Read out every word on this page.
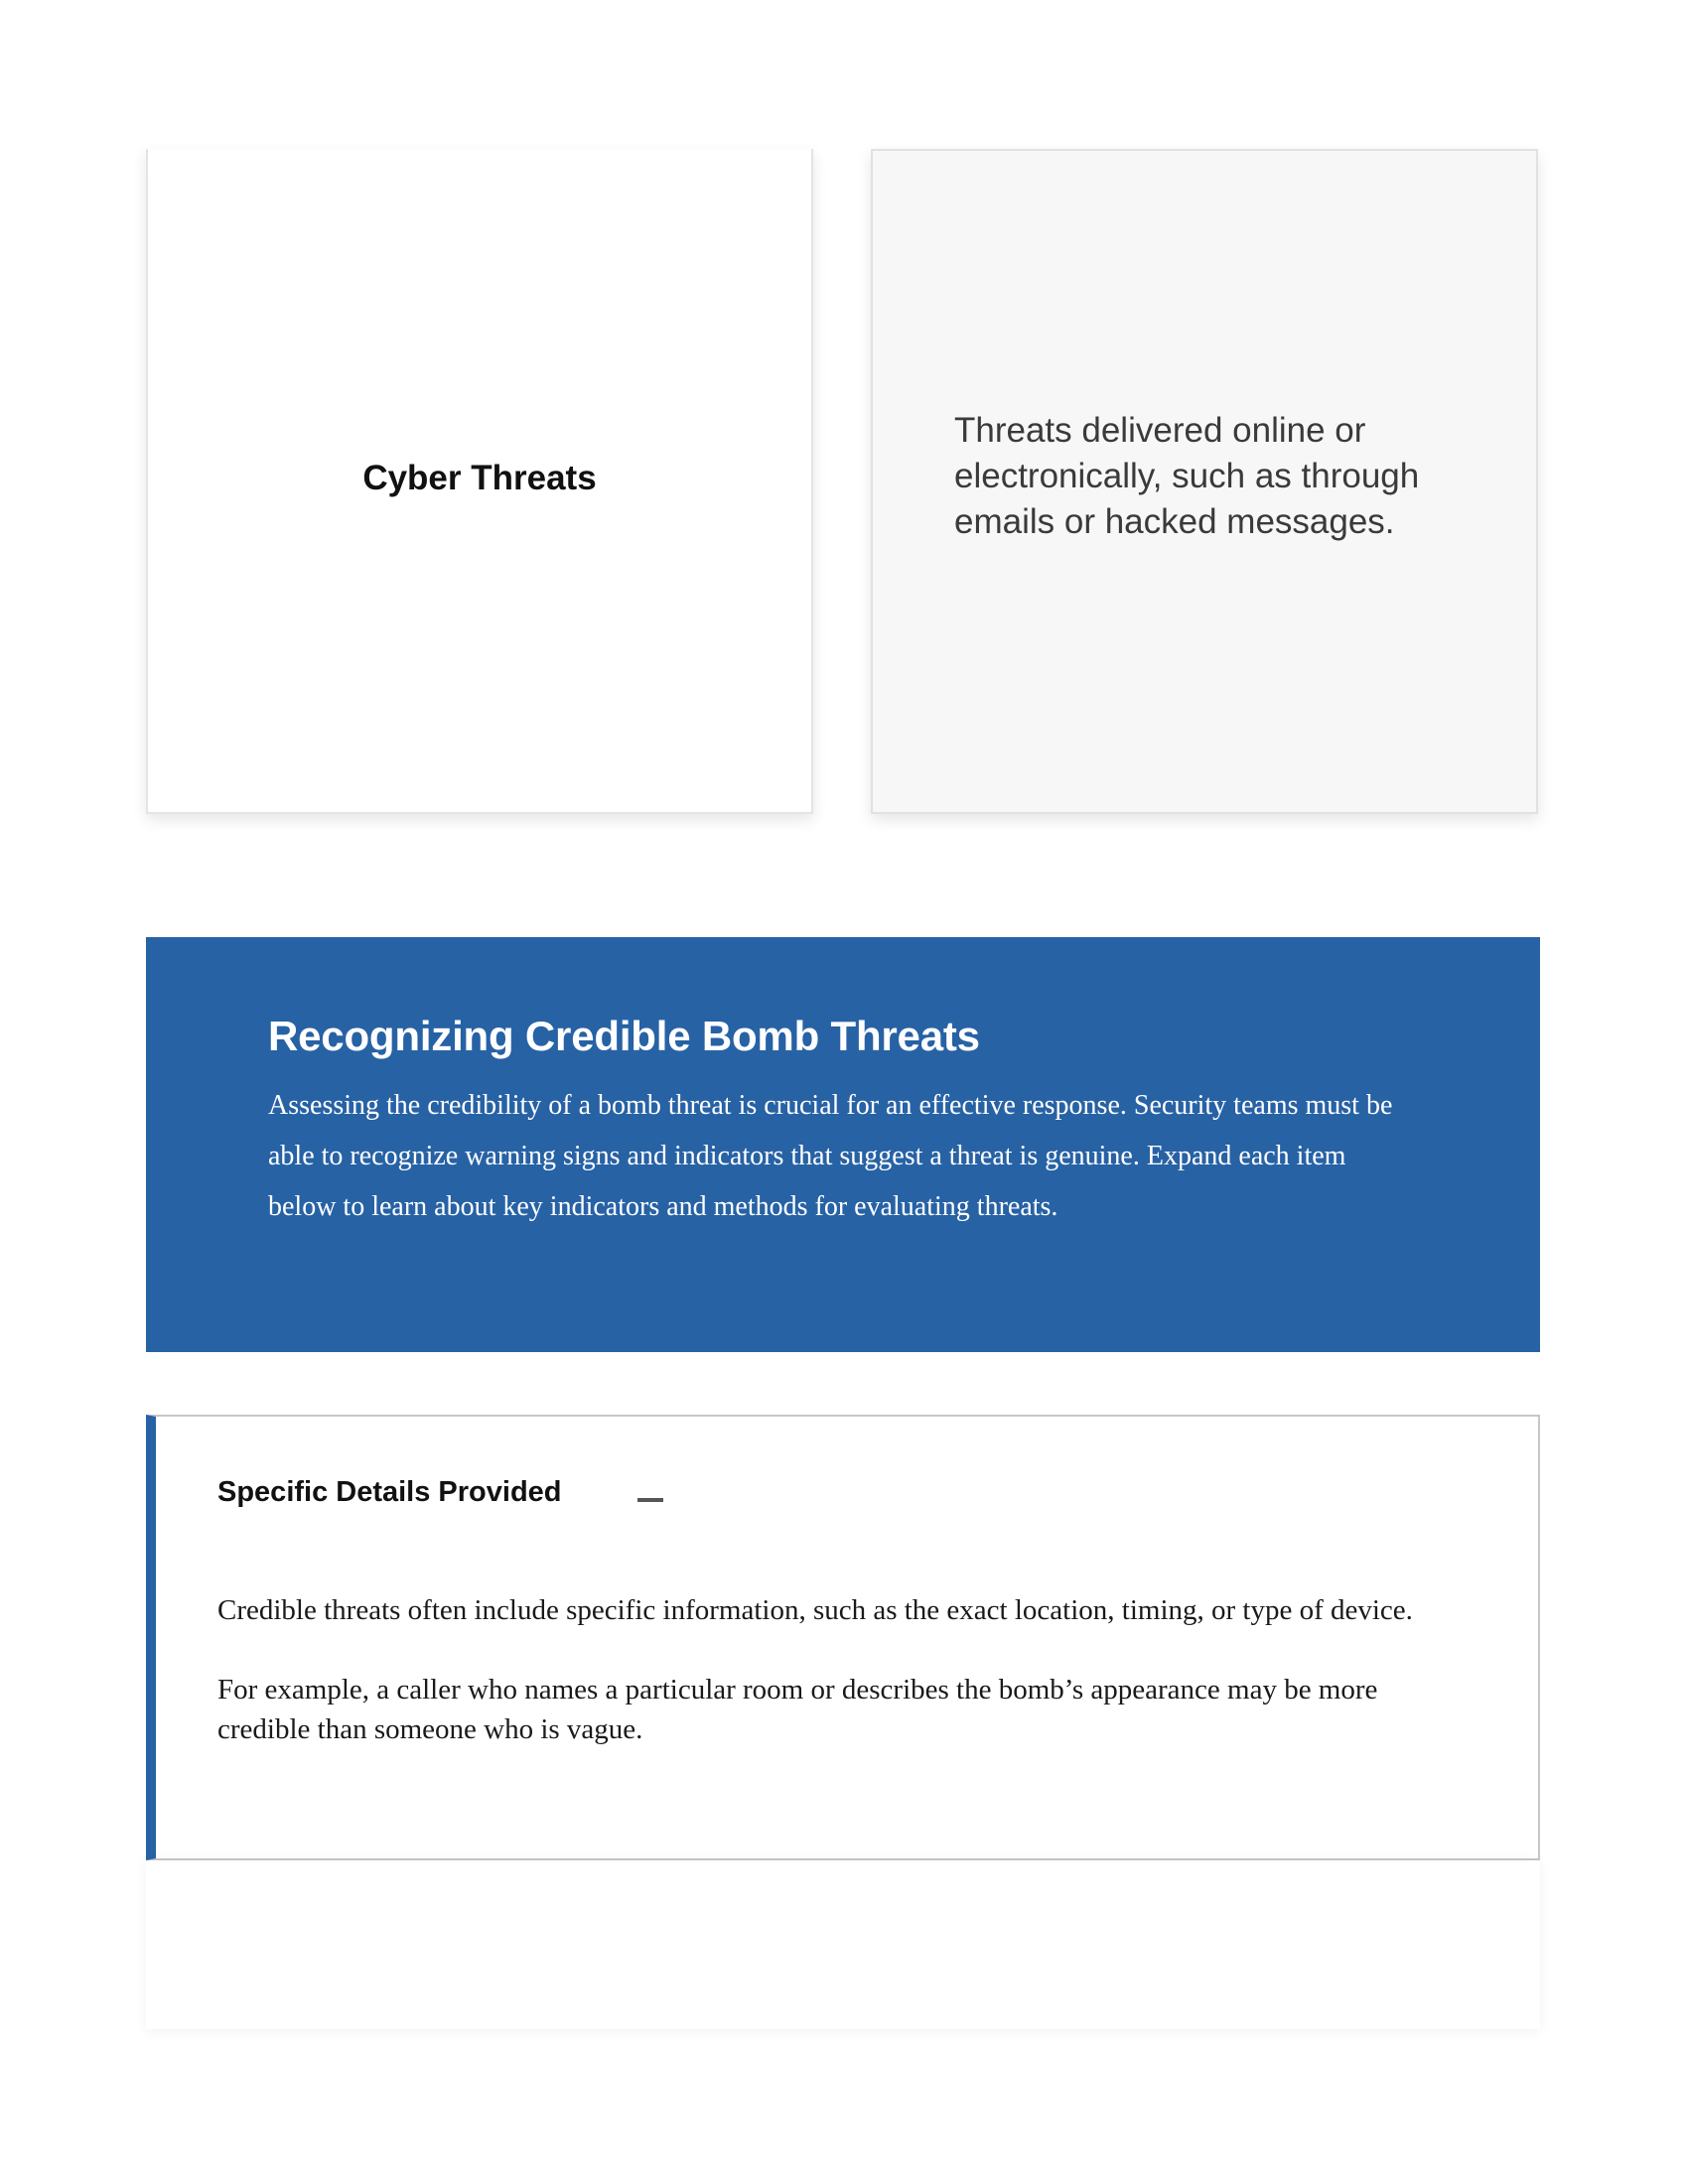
Cyber Threats
Threats delivered online or electronically, such as through emails or hacked messages.
Recognizing Credible Bomb Threats

Assessing the credibility of a bomb threat is crucial for an effective response. Security teams must be able to recognize warning signs and indicators that suggest a threat is genuine. Expand each item below to learn about key indicators and methods for evaluating threats.

Specific Details Provided

Credible threats often include specific information, such as the exact location, timing, or type of device.

For example, a caller who names a particular room or describes the bomb’s appearance may be more credible than someone who is vague.
